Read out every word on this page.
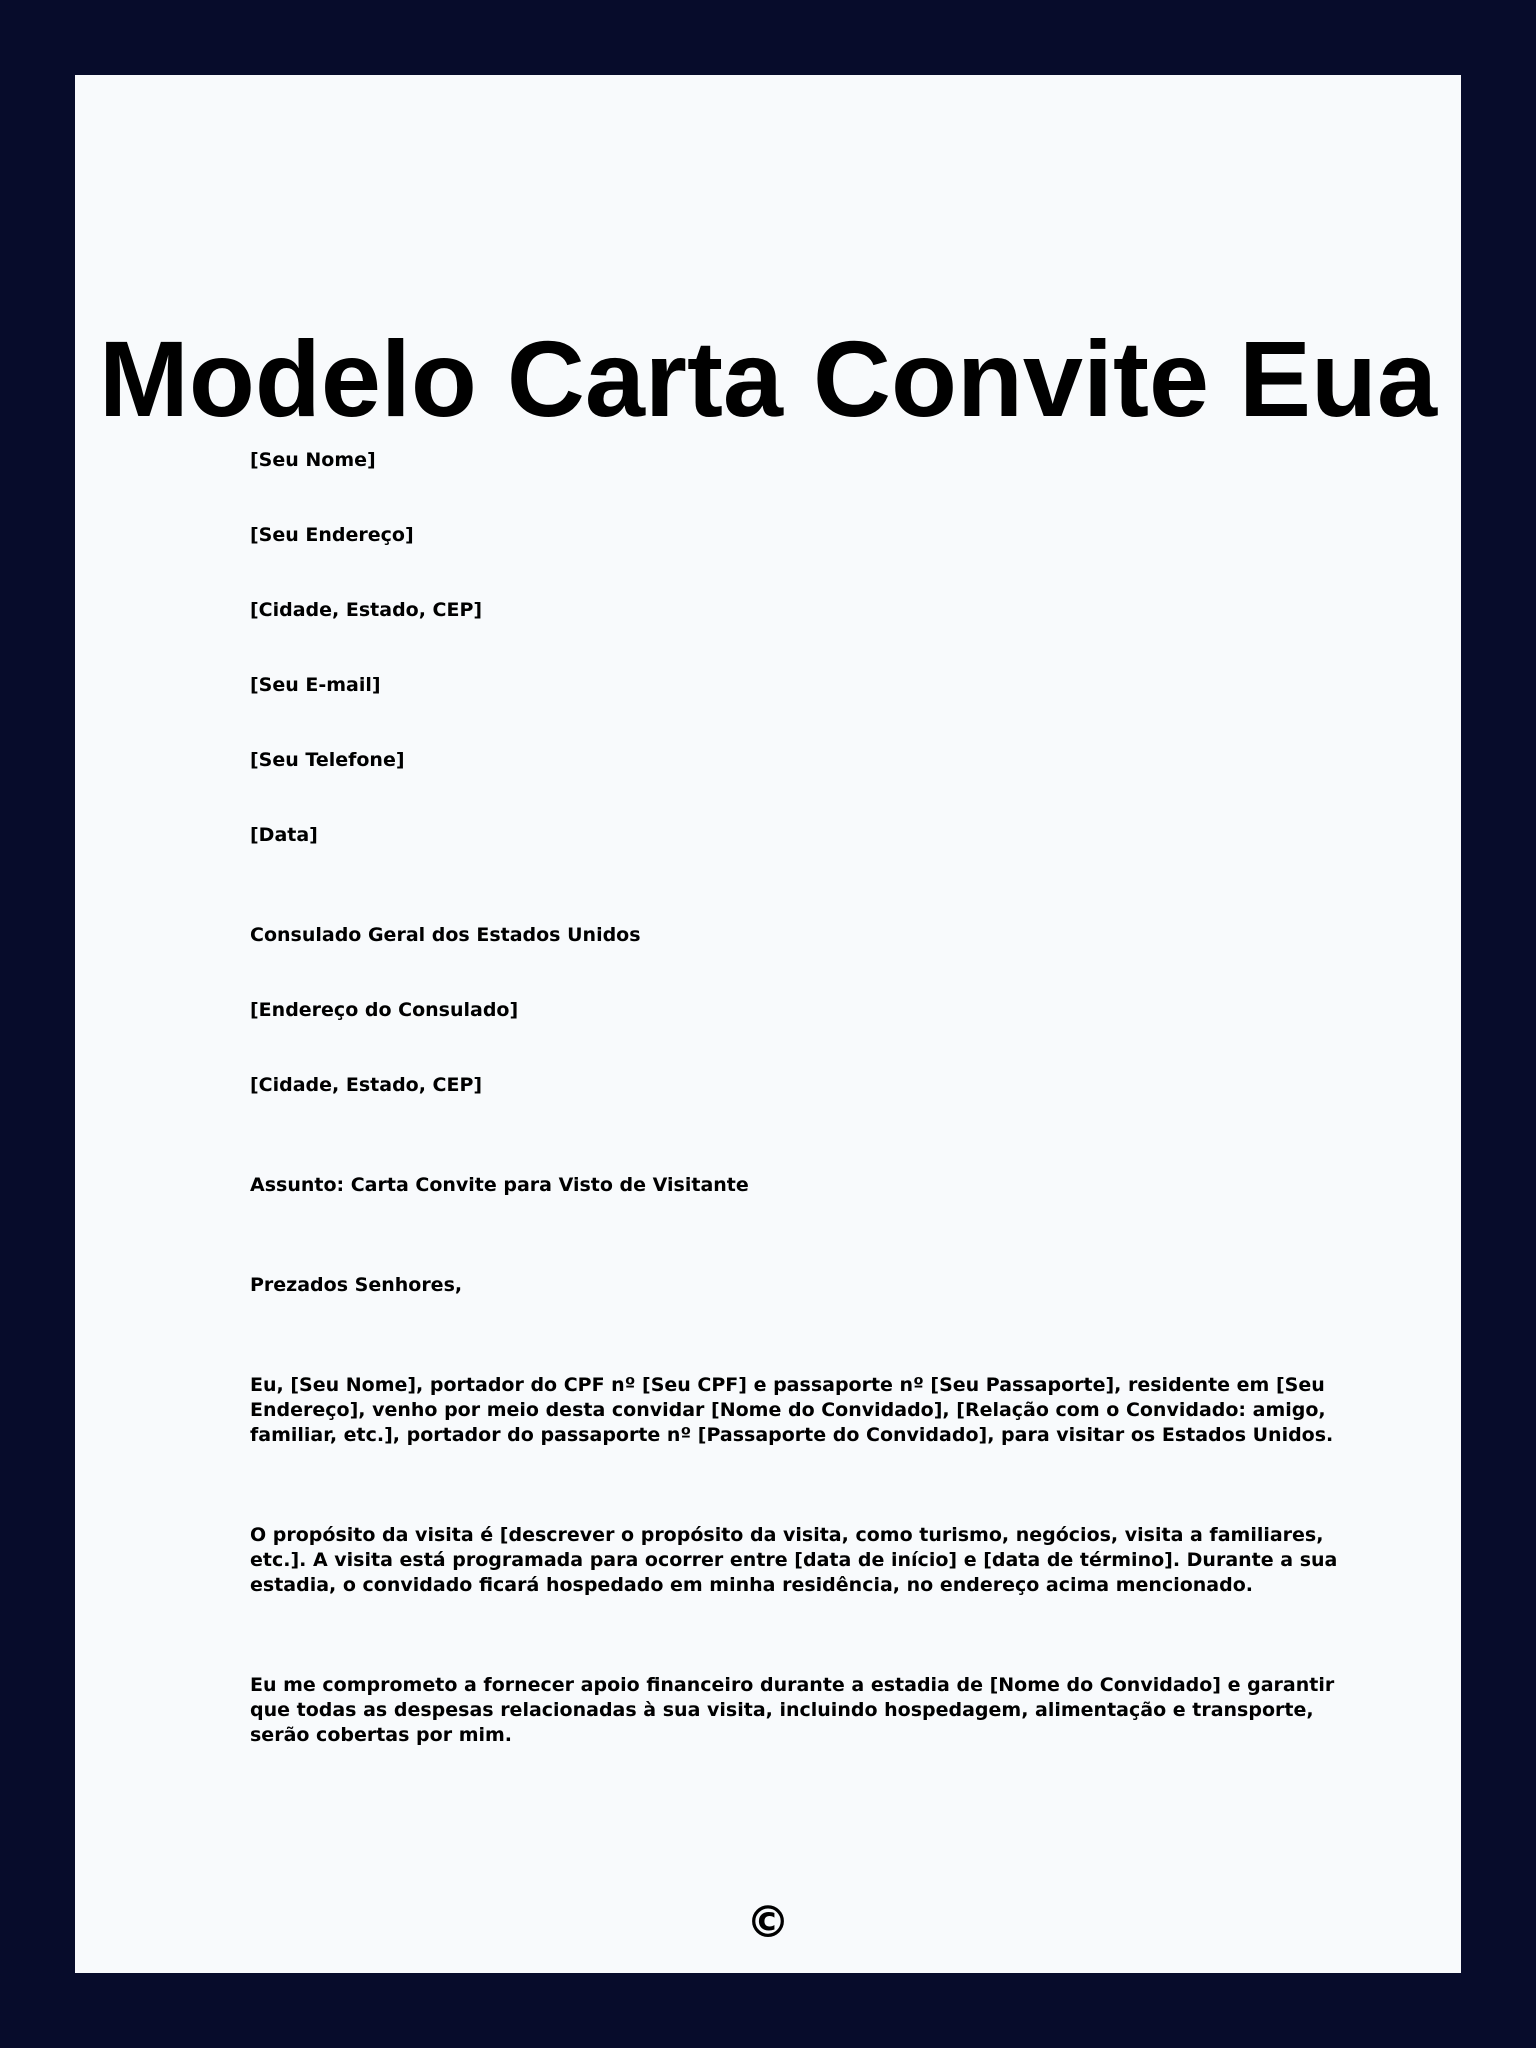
Modelo Carta Convite Eua

[Seu Nome]

[Seu Endereço]

[Cidade, Estado, CEP]

[Seu E-mail]

[Seu Telefone]

[Data]

Consulado Geral dos Estados Unidos

[Endereço do Consulado]

[Cidade, Estado, CEP]

Assunto: Carta Convite para Visto de Visitante

Prezados Senhores,

Eu, [Seu Nome], portador do CPF nº [Seu CPF] e passaporte nº [Seu Passaporte], residente em [Seu Endereço], venho por meio desta convidar [Nome do Convidado], [Relação com o Convidado: amigo, familiar, etc.], portador do passaporte nº [Passaporte do Convidado], para visitar os Estados Unidos.

O propósito da visita é [descrever o propósito da visita, como turismo, negócios, visita a familiares, etc.]. A visita está programada para ocorrer entre [data de início] e [data de término]. Durante a sua estadia, o convidado ficará hospedado em minha residência, no endereço acima mencionado.

Eu me comprometo a fornecer apoio financeiro durante a estadia de [Nome do Convidado] e garantir que todas as despesas relacionadas à sua visita, incluindo hospedagem, alimentação e transporte, serão cobertas por mim.

©
